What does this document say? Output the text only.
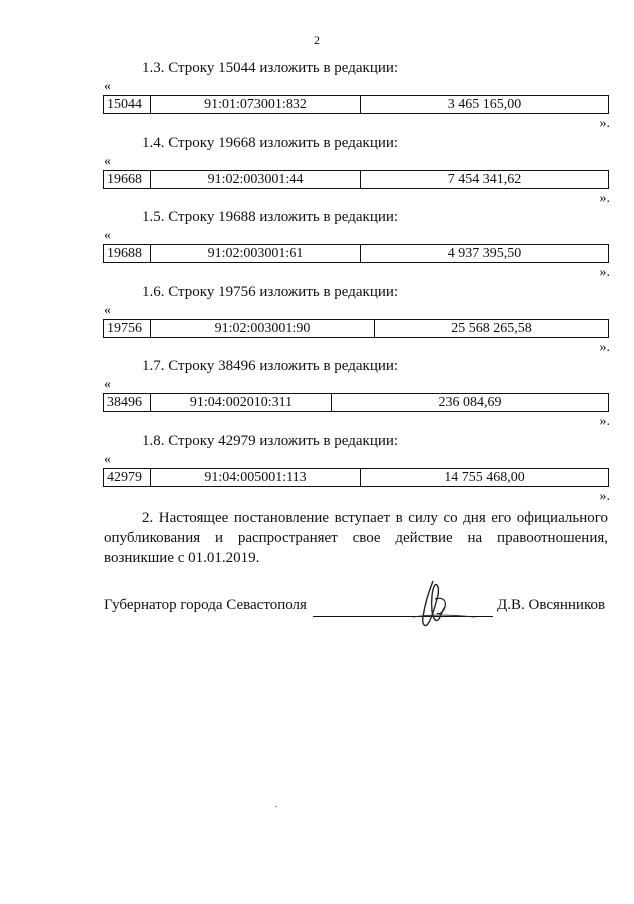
2
1.3. Строку 15044 изложить в редакции:
«
15044	91:01:073001:832	3 465 165,00
».
1.4. Строку 19668 изложить в редакции:
«
19668	91:02:003001:44	7 454 341,62
».
1.5. Строку 19688 изложить в редакции:
«
19688	91:02:003001:61	4 937 395,50
».
1.6. Строку 19756 изложить в редакции:
«
19756	91:02:003001:90	25 568 265,58
».
1.7. Строку 38496 изложить в редакции:
«
38496	91:04:002010:311	236 084,69
».
1.8. Строку 42979 изложить в редакции:
«
42979	91:04:005001:113	14 755 468,00
».
2. Настоящее постановление вступает в силу со дня его официального
опубликования и распространяет свое действие на правоотношения,
возникшие с 01.01.2019.
Губернатор города Севастополя	Д.В. Овсянников
